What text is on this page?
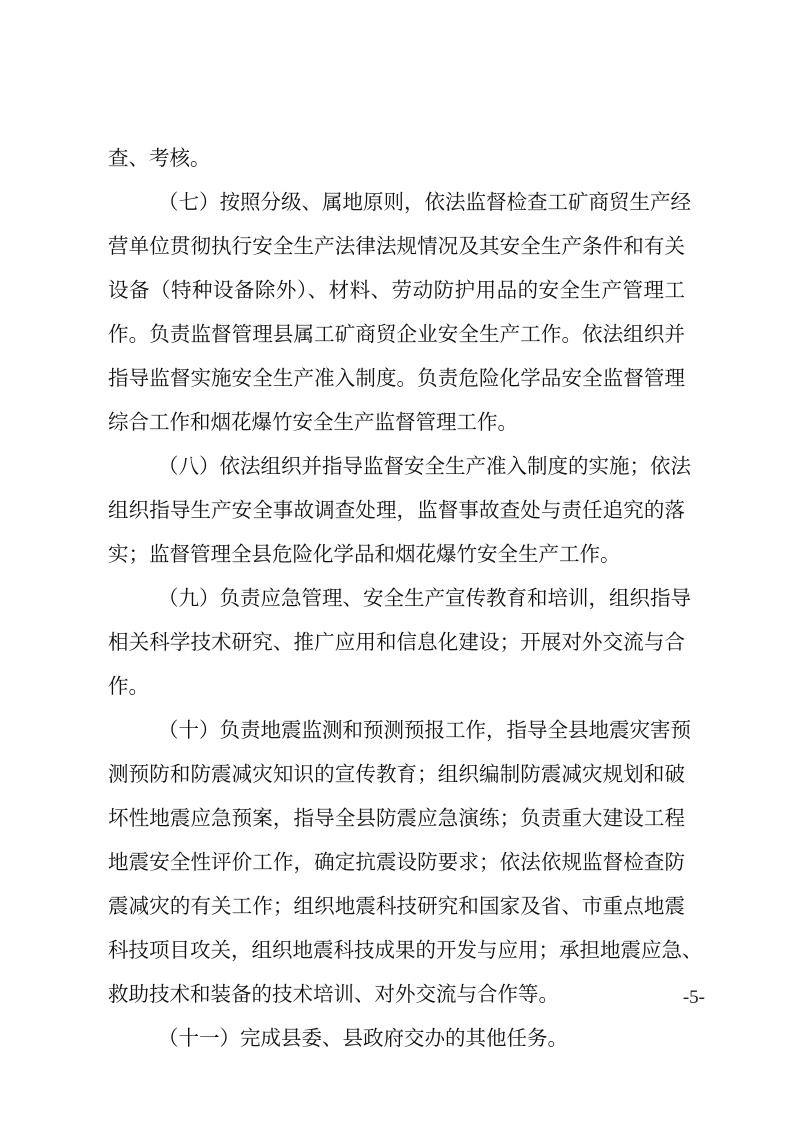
查、考核。
（七）按照分级、属地原则，依法监督检查工矿商贸生产经
营单位贯彻执行安全生产法律法规情况及其安全生产条件和有关
设备（特种设备除外）、材料、劳动防护用品的安全生产管理工
作。负责监督管理县属工矿商贸企业安全生产工作。依法组织并
指导监督实施安全生产准入制度。负责危险化学品安全监督管理
综合工作和烟花爆竹安全生产监督管理工作。
（八）依法组织并指导监督安全生产准入制度的实施；依法
组织指导生产安全事故调查处理，监督事故查处与责任追究的落
实；监督管理全县危险化学品和烟花爆竹安全生产工作。
（九）负责应急管理、安全生产宣传教育和培训，组织指导
相关科学技术研究、推广应用和信息化建设；开展对外交流与合
作。
（十）负责地震监测和预测预报工作，指导全县地震灾害预
测预防和防震减灾知识的宣传教育；组织编制防震减灾规划和破
坏性地震应急预案，指导全县防震应急演练；负责重大建设工程
地震安全性评价工作，确定抗震设防要求；依法依规监督检查防
震减灾的有关工作；组织地震科技研究和国家及省、市重点地震
科技项目攻关，组织地震科技成果的开发与应用；承担地震应急、
救助技术和装备的技术培训、对外交流与合作等。
（十一）完成县委、县政府交办的其他任务。
-5-
